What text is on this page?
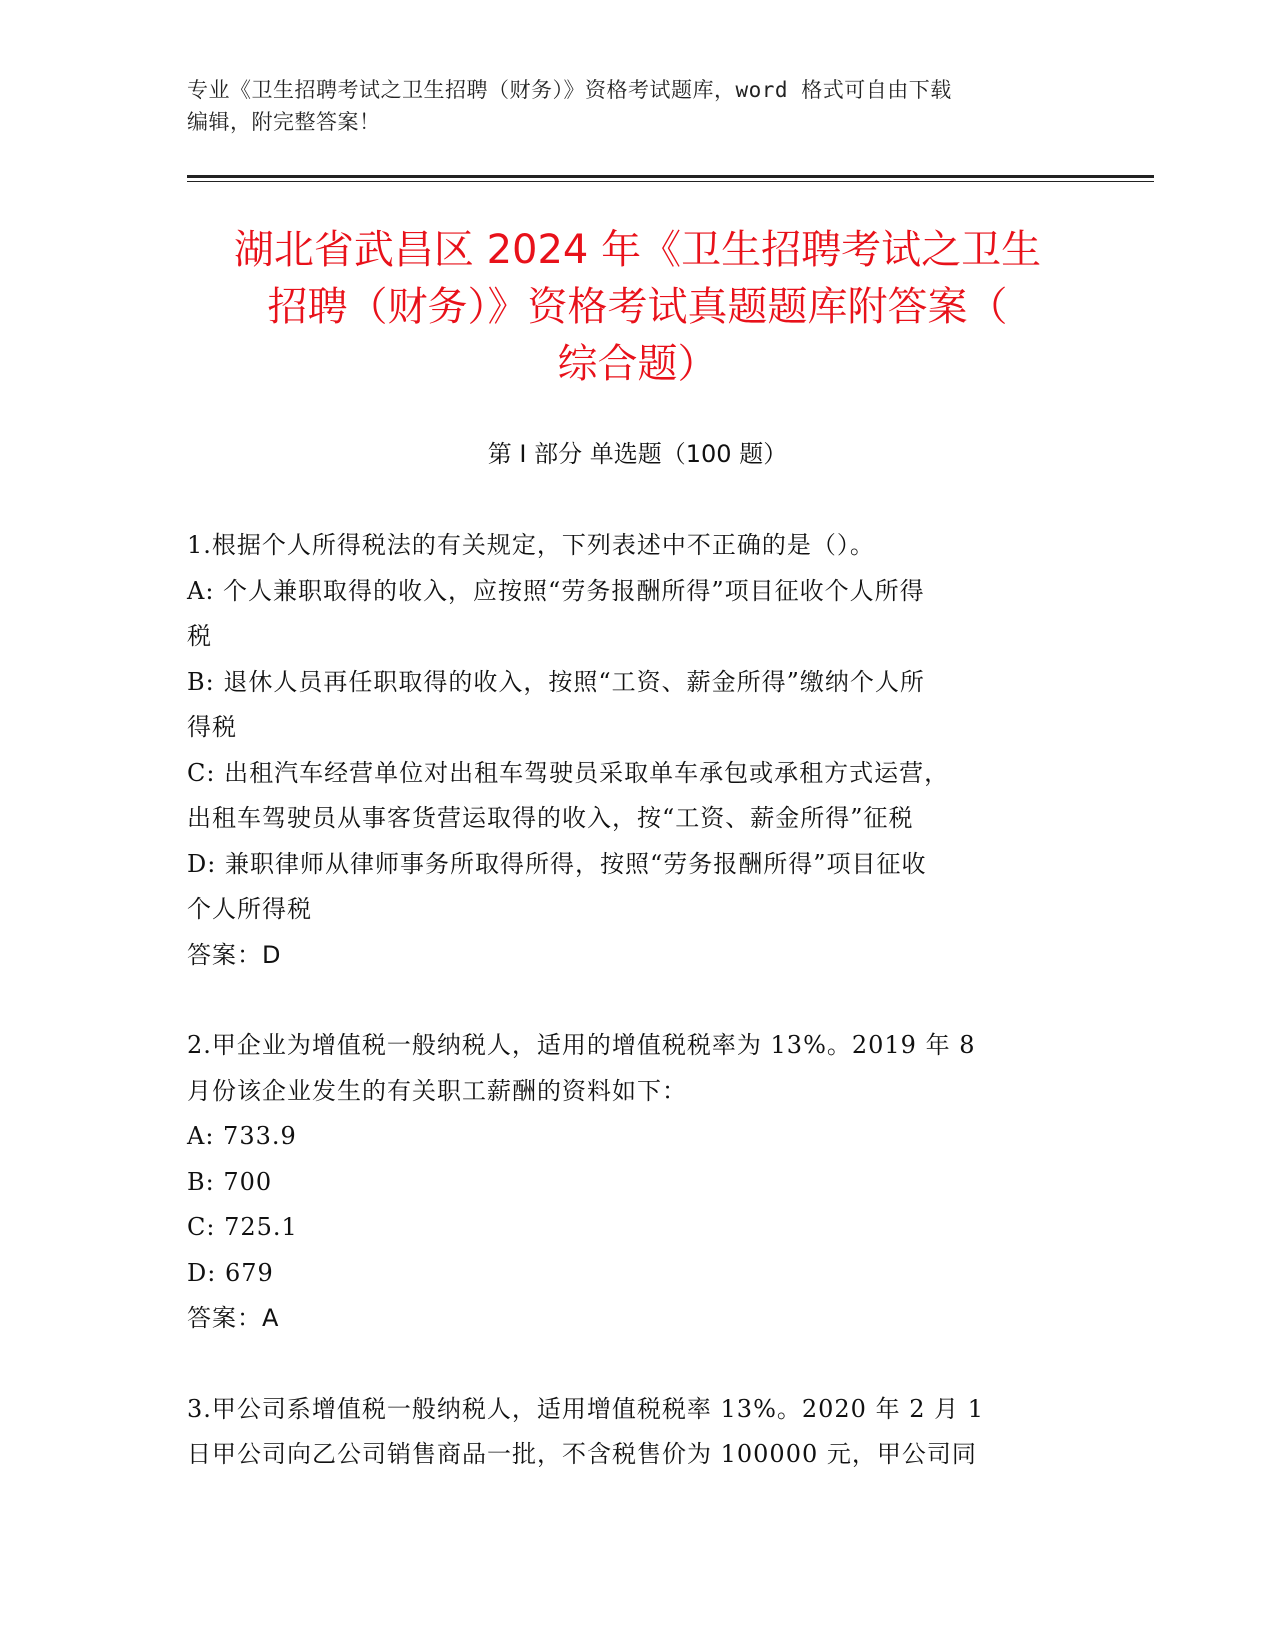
专业《卫生招聘考试之卫生招聘（财务）》资格考试题库，word 格式可自由下载
编辑，附完整答案！
湖北省武昌区 2024 年《卫生招聘考试之卫生
招聘（财务）》资格考试真题题库附答案（
综合题）
第 I 部分 单选题（100 题）
1.根据个人所得税法的有关规定，下列表述中不正确的是（）。
A: 个人兼职取得的收入，应按照“劳务报酬所得”项目征收个人所得
税
B: 退休人员再任职取得的收入，按照“工资、薪金所得”缴纳个人所
得税
C: 出租汽车经营单位对出租车驾驶员采取单车承包或承租方式运营，
出租车驾驶员从事客货营运取得的收入，按“工资、薪金所得”征税
D: 兼职律师从律师事务所取得所得，按照“劳务报酬所得”项目征收
个人所得税
答案：D
2.甲企业为增值税一般纳税人，适用的增值税税率为 13%。2019 年 8
月份该企业发生的有关职工薪酬的资料如下：
A: 733.9
B: 700
C: 725.1
D: 679
答案：A
3.甲公司系增值税一般纳税人，适用增值税税率 13%。2020 年 2 月 1
日甲公司向乙公司销售商品一批，不含税售价为 100000 元，甲公司同
